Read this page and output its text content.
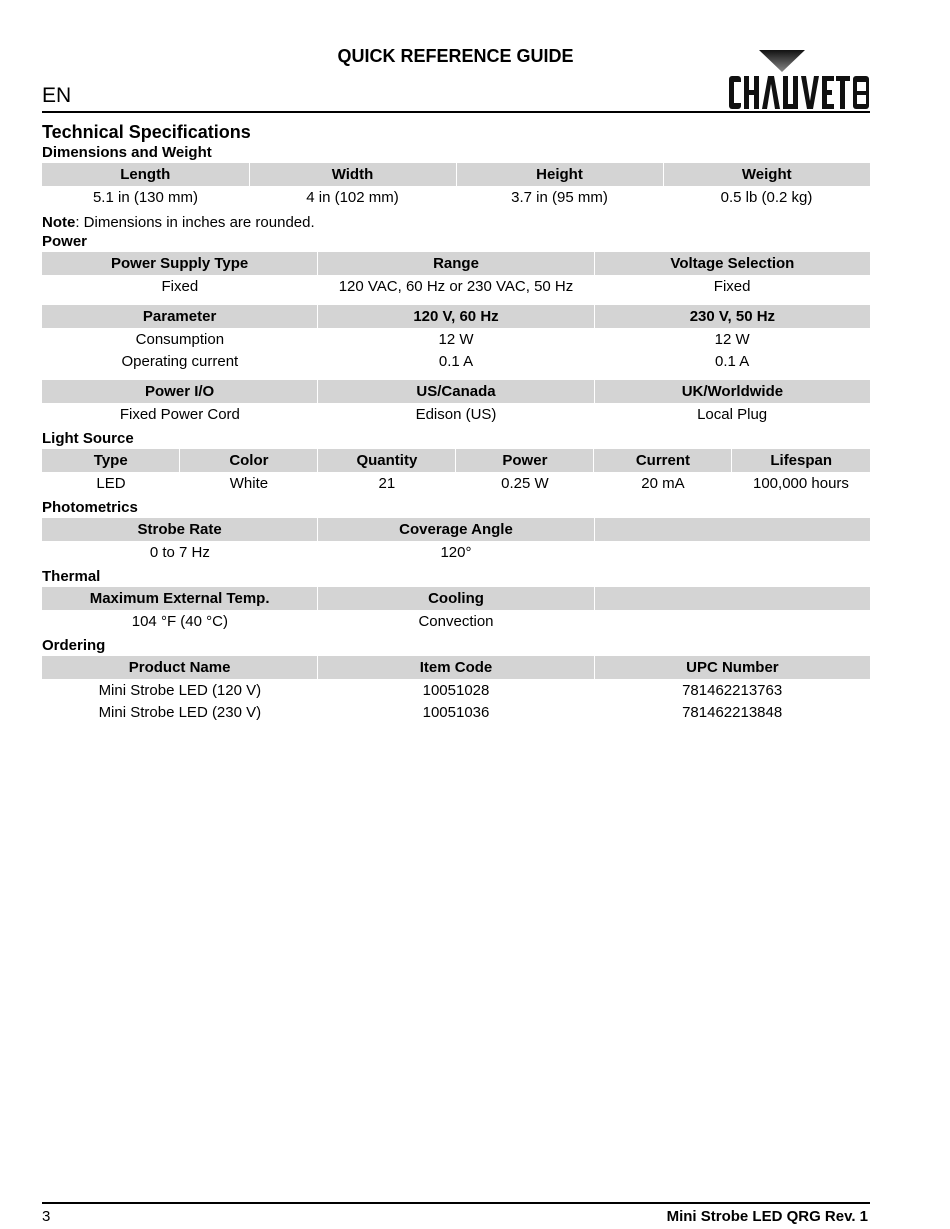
QUICK REFERENCE GUIDE
EN
Technical Specifications
Dimensions and Weight
Length	Width	Height	Weight
5.1 in (130 mm)	4 in (102 mm)	3.7 in (95 mm)	0.5 lb (0.2 kg)
Note: Dimensions in inches are rounded.
Power
Power Supply Type	Range	Voltage Selection
Fixed	120 VAC, 60 Hz or 230 VAC, 50 Hz	Fixed
Parameter	120 V, 60 Hz	230 V, 50 Hz
Consumption	12 W	12 W
Operating current	0.1 A	0.1 A
Power I/O	US/Canada	UK/Worldwide
Fixed Power Cord	Edison (US)	Local Plug
Light Source
Type	Color	Quantity	Power	Current	Lifespan
LED	White	21	0.25 W	20 mA	100,000 hours
Photometrics
Strobe Rate	Coverage Angle	
0 to 7 Hz	120°	
Thermal
Maximum External Temp.	Cooling	
104 °F (40 °C)	Convection	
Ordering
Product Name	Item Code	UPC Number
Mini Strobe LED (120 V)	10051028	781462213763
Mini Strobe LED (230 V)	10051036	781462213848
3	Mini Strobe LED QRG Rev. 1
